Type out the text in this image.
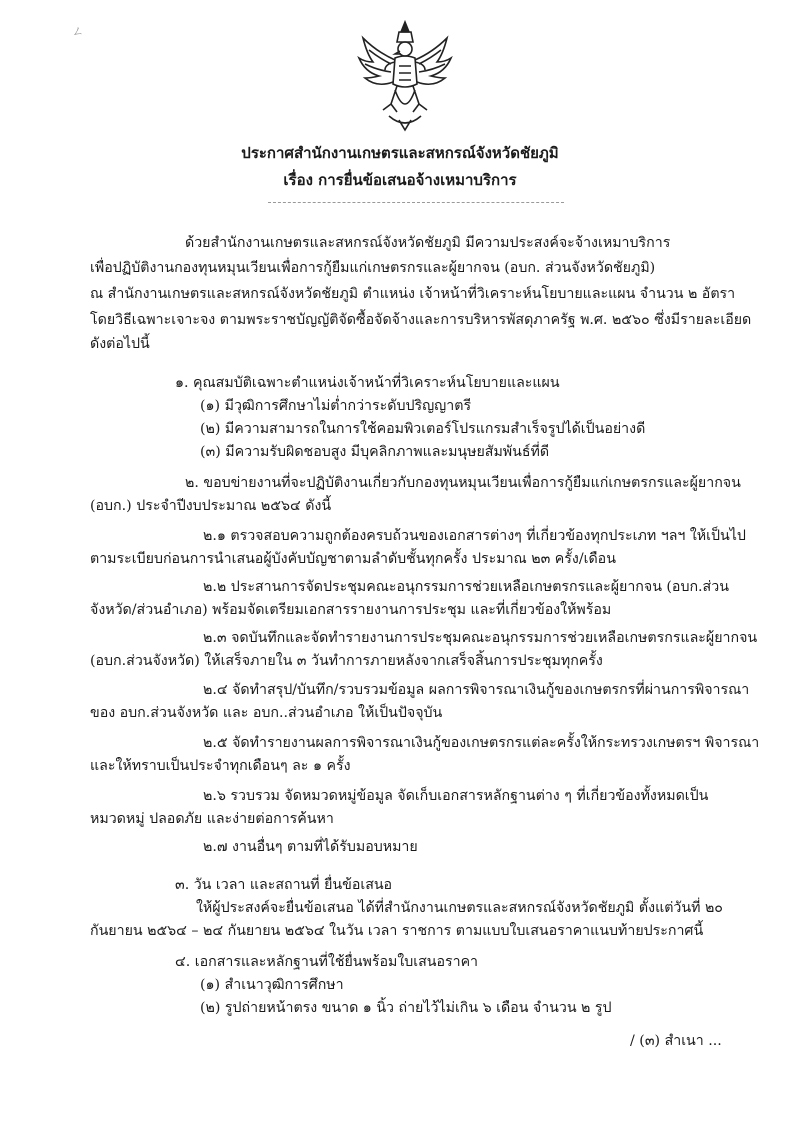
ㄥ
ประกาศสำนักงานเกษตรและสหกรณ์จังหวัดชัยภูมิ
เรื่อง การยื่นข้อเสนอจ้างเหมาบริการ
ด้วยสำนักงานเกษตรและสหกรณ์จังหวัดชัยภูมิ มีความประสงค์จะจ้างเหมาบริการ
เพื่อปฏิบัติงานกองทุนหมุนเวียนเพื่อการกู้ยืมแก่เกษตรกรและผู้ยากจน (อบก. ส่วนจังหวัดชัยภูมิ)
ณ สำนักงานเกษตรและสหกรณ์จังหวัดชัยภูมิ ตำแหน่ง เจ้าหน้าที่วิเคราะห์นโยบายและแผน จำนวน ๒ อัตรา
โดยวิธีเฉพาะเจาะจง ตามพระราชบัญญัติจัดซื้อจัดจ้างและการบริหารพัสดุภาครัฐ พ.ศ. ๒๕๖๐ ซึ่งมีรายละเอียด
ดังต่อไปนี้
๑. คุณสมบัติเฉพาะตำแหน่งเจ้าหน้าที่วิเคราะห์นโยบายและแผน
(๑) มีวุฒิการศึกษาไม่ต่ำกว่าระดับปริญญาตรี
(๒) มีความสามารถในการใช้คอมพิวเตอร์โปรแกรมสำเร็จรูปได้เป็นอย่างดี
(๓) มีความรับผิดชอบสูง มีบุคลิกภาพและมนุษยสัมพันธ์ที่ดี
๒. ขอบข่ายงานที่จะปฏิบัติงานเกี่ยวกับกองทุนหมุนเวียนเพื่อการกู้ยืมแก่เกษตรกรและผู้ยากจน
(อบก.) ประจำปีงบประมาณ ๒๕๖๔ ดังนี้
๒.๑ ตรวจสอบความถูกต้องครบถ้วนของเอกสารต่างๆ ที่เกี่ยวข้องทุกประเภท ฯลฯ ให้เป็นไป
ตามระเบียบก่อนการนำเสนอผู้บังคับบัญชาตามลำดับชั้นทุกครั้ง ประมาณ ๒๓ ครั้ง/เดือน
๒.๒ ประสานการจัดประชุมคณะอนุกรรมการช่วยเหลือเกษตรกรและผู้ยากจน (อบก.ส่วน
จังหวัด/ส่วนอำเภอ) พร้อมจัดเตรียมเอกสารรายงานการประชุม และที่เกี่ยวข้องให้พร้อม
๒.๓ จดบันทึกและจัดทำรายงานการประชุมคณะอนุกรรมการช่วยเหลือเกษตรกรและผู้ยากจน
(อบก.ส่วนจังหวัด) ให้เสร็จภายใน ๓ วันทำการภายหลังจากเสร็จสิ้นการประชุมทุกครั้ง
๒.๔ จัดทำสรุป/บันทึก/รวบรวมข้อมูล ผลการพิจารณาเงินกู้ของเกษตรกรที่ผ่านการพิจารณา
ของ อบก.ส่วนจังหวัด และ อบก..ส่วนอำเภอ ให้เป็นปัจจุบัน
๒.๕ จัดทำรายงานผลการพิจารณาเงินกู้ของเกษตรกรแต่ละครั้งให้กระทรวงเกษตรฯ พิจารณา
และให้ทราบเป็นประจำทุกเดือนๆ ละ ๑ ครั้ง
๒.๖ รวบรวม จัดหมวดหมู่ข้อมูล จัดเก็บเอกสารหลักฐานต่าง ๆ ที่เกี่ยวข้องทั้งหมดเป็น
หมวดหมู่ ปลอดภัย และง่ายต่อการค้นหา
๒.๗ งานอื่นๆ ตามที่ได้รับมอบหมาย
๓. วัน เวลา และสถานที่ ยื่นข้อเสนอ
ให้ผู้ประสงค์จะยื่นข้อเสนอ ได้ที่สำนักงานเกษตรและสหกรณ์จังหวัดชัยภูมิ ตั้งแต่วันที่ ๒๐
กันยายน ๒๕๖๔ – ๒๔ กันยายน ๒๕๖๔ ในวัน เวลา ราชการ ตามแบบใบเสนอราคาแนบท้ายประกาศนี้
๔. เอกสารและหลักฐานที่ใช้ยื่นพร้อมใบเสนอราคา
(๑) สำเนาวุฒิการศึกษา
(๒) รูปถ่ายหน้าตรง ขนาด ๑ นิ้ว ถ่ายไว้ไม่เกิน ๖ เดือน จำนวน ๒ รูป
/ (๓) สำเนา ...
